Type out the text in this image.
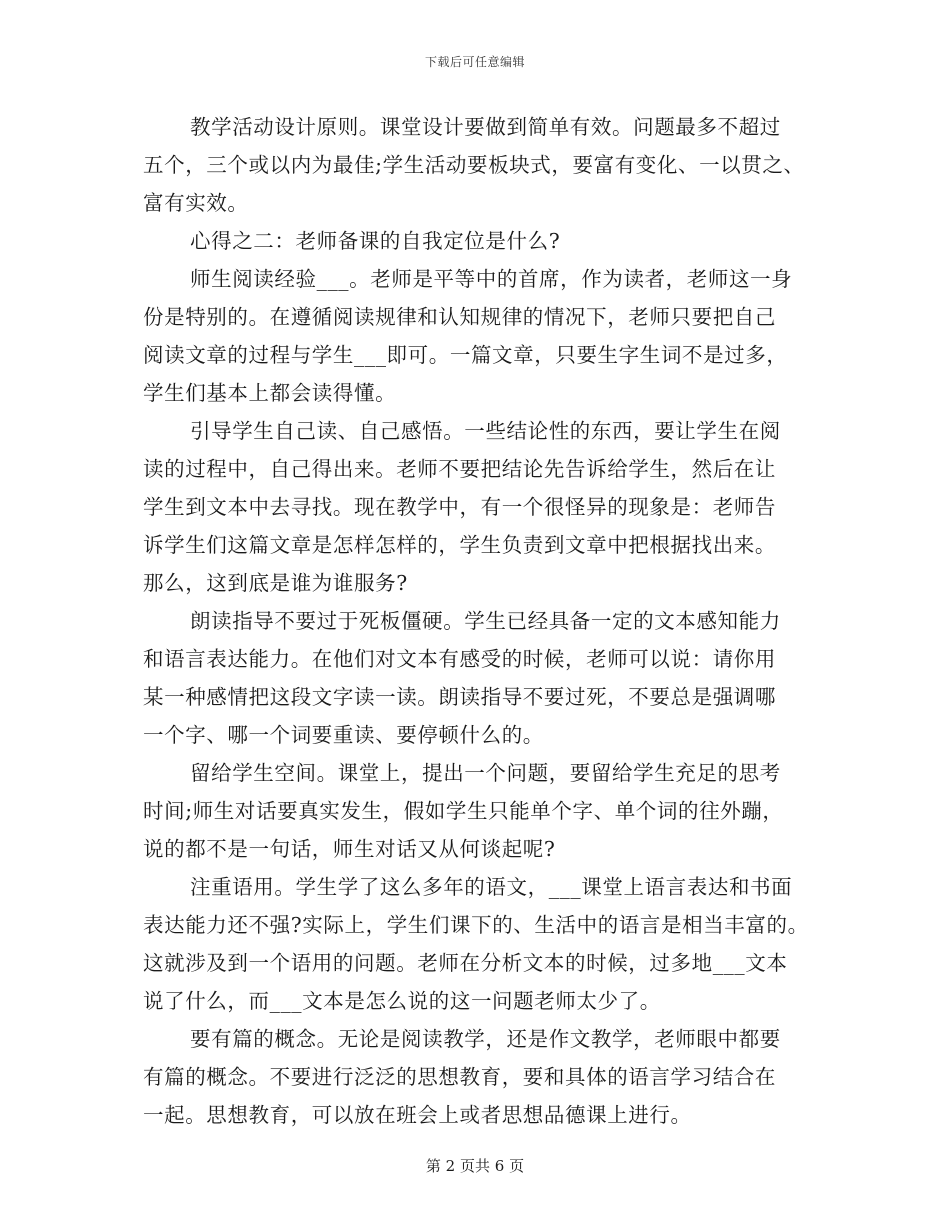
下载后可任意编辑
教学活动设计原则。课堂设计要做到简单有效。问题最多不超过
五个，三个或以内为最佳;学生活动要板块式，要富有变化、一以贯之、
富有实效。
心得之二：老师备课的自我定位是什么?
师生阅读经验___。老师是平等中的首席，作为读者，老师这一身
份是特别的。在遵循阅读规律和认知规律的情况下，老师只要把自己
阅读文章的过程与学生___即可。一篇文章，只要生字生词不是过多，
学生们基本上都会读得懂。
引导学生自己读、自己感悟。一些结论性的东西，要让学生在阅
读的过程中，自己得出来。老师不要把结论先告诉给学生，然后在让
学生到文本中去寻找。现在教学中，有一个很怪异的现象是：老师告
诉学生们这篇文章是怎样怎样的，学生负责到文章中把根据找出来。
那么，这到底是谁为谁服务?
朗读指导不要过于死板僵硬。学生已经具备一定的文本感知能力
和语言表达能力。在他们对文本有感受的时候，老师可以说：请你用
某一种感情把这段文字读一读。朗读指导不要过死，不要总是强调哪
一个字、哪一个词要重读、要停顿什么的。
留给学生空间。课堂上，提出一个问题，要留给学生充足的思考
时间;师生对话要真实发生，假如学生只能单个字、单个词的往外蹦，
说的都不是一句话，师生对话又从何谈起呢?
注重语用。学生学了这么多年的语文，___课堂上语言表达和书面
表达能力还不强?实际上，学生们课下的、生活中的语言是相当丰富的。
这就涉及到一个语用的问题。老师在分析文本的时候，过多地___文本
说了什么，而___文本是怎么说的这一问题老师太少了。
要有篇的概念。无论是阅读教学，还是作文教学，老师眼中都要
有篇的概念。不要进行泛泛的思想教育，要和具体的语言学习结合在
一起。思想教育，可以放在班会上或者思想品德课上进行。
第 2 页共 6 页
